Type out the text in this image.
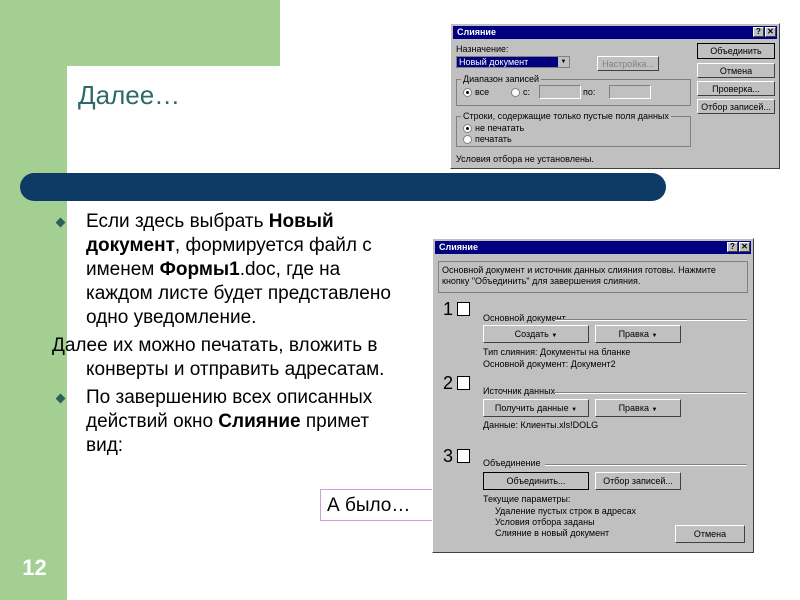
12
Далее…

Если здесь выбрать Новый документ, формируется файл с именем Формы1.doc, где на каждом листе будет представлено одно уведомление.

Далее их можно печатать, вложить в конверты и отправить адресатам.

По завершению всех описанных действий окно Слияние примет вид:

А было…
Слияние	? ✕
Назначение:
Новый документ	▼	Настройка...
Диапазон записей
все	с:	по:
Строки, содержащие только пустые поля данных
не печатать
печатать
Условия отбора не установлены.
Объединить
Отмена
Проверка...
Отбор записей...
Слияние	? ✕
Основной документ и источник данных слияния готовы. Нажмите кнопку "Объединить" для завершения слияния.
1	Основной документ
Создать ▼	Правка ▼
Тип слияния: Документы на бланке
Основной документ: Документ2
2	Источник данных
Получить данные ▼	Правка ▼
Данные: Клиенты.xls!DOLG
3	Объединение
Объединить...	Отбор записей...
Текущие параметры:
Удаление пустых строк в адресах
Условия отбора заданы
Слияние в новый документ	Отмена
